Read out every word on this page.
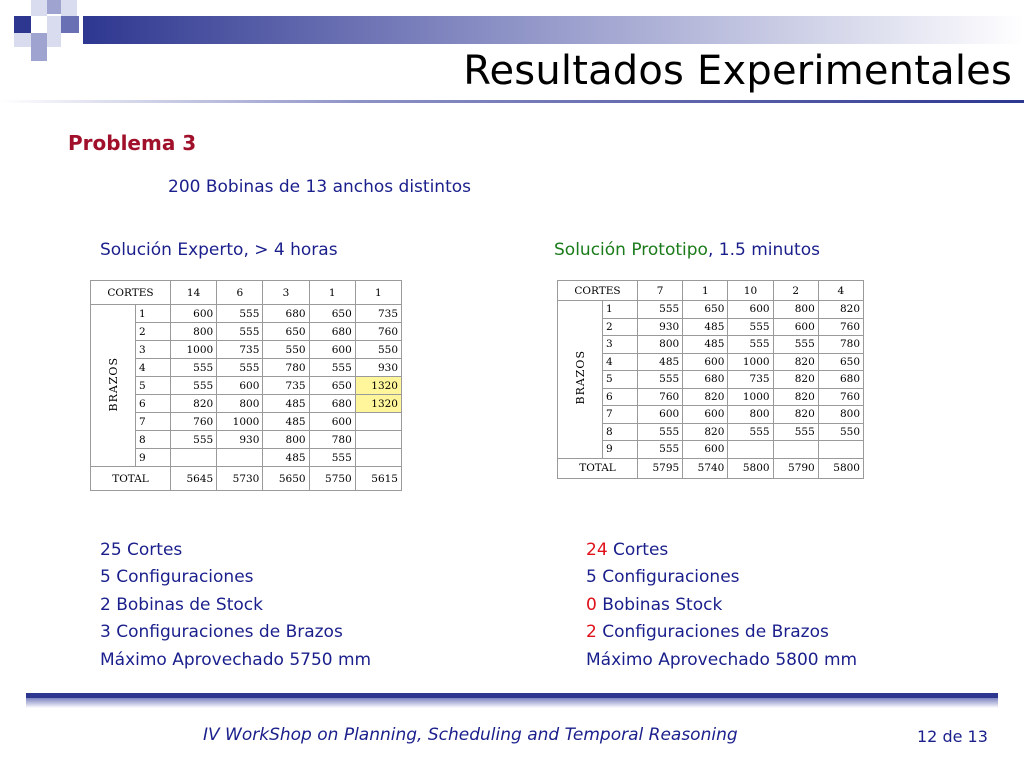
Resultados Experimentales
Problema 3
200 Bobinas de 13 anchos distintos
Solución Experto, > 4 horas	Solución Prototipo, 1.5 minutos
CORTES		14	6	3	1	1
BRAZOS	1	600	555	680	650	735
	2	800	555	650	680	760
	3	1000	735	550	600	550
	4	555	555	780	555	930
	5	555	600	735	650	1320
	6	820	800	485	680	1320
	7	760	1000	485	600	
	8	555	930	800	780	
	9			485	555	
TOTAL		5645	5730	5650	5750	5615
CORTES		7	1	10	2	4
BRAZOS	1	555	650	600	800	820
	2	930	485	555	600	760
	3	800	485	555	555	780
	4	485	600	1000	820	650
	5	555	680	735	820	680
	6	760	820	1000	820	760
	7	600	600	800	820	800
	8	555	820	555	555	550
	9	555	600			
TOTAL		5795	5740	5800	5790	5800
25 Cortes
5 Configuraciones
2 Bobinas de Stock
3 Configuraciones de Brazos
Máximo Aprovechado 5750 mm
24 Cortes
5 Configuraciones
0 Bobinas Stock
2 Configuraciones de Brazos
Máximo Aprovechado 5800 mm
IV WorkShop on Planning, Scheduling and Temporal Reasoning	12 de 13
